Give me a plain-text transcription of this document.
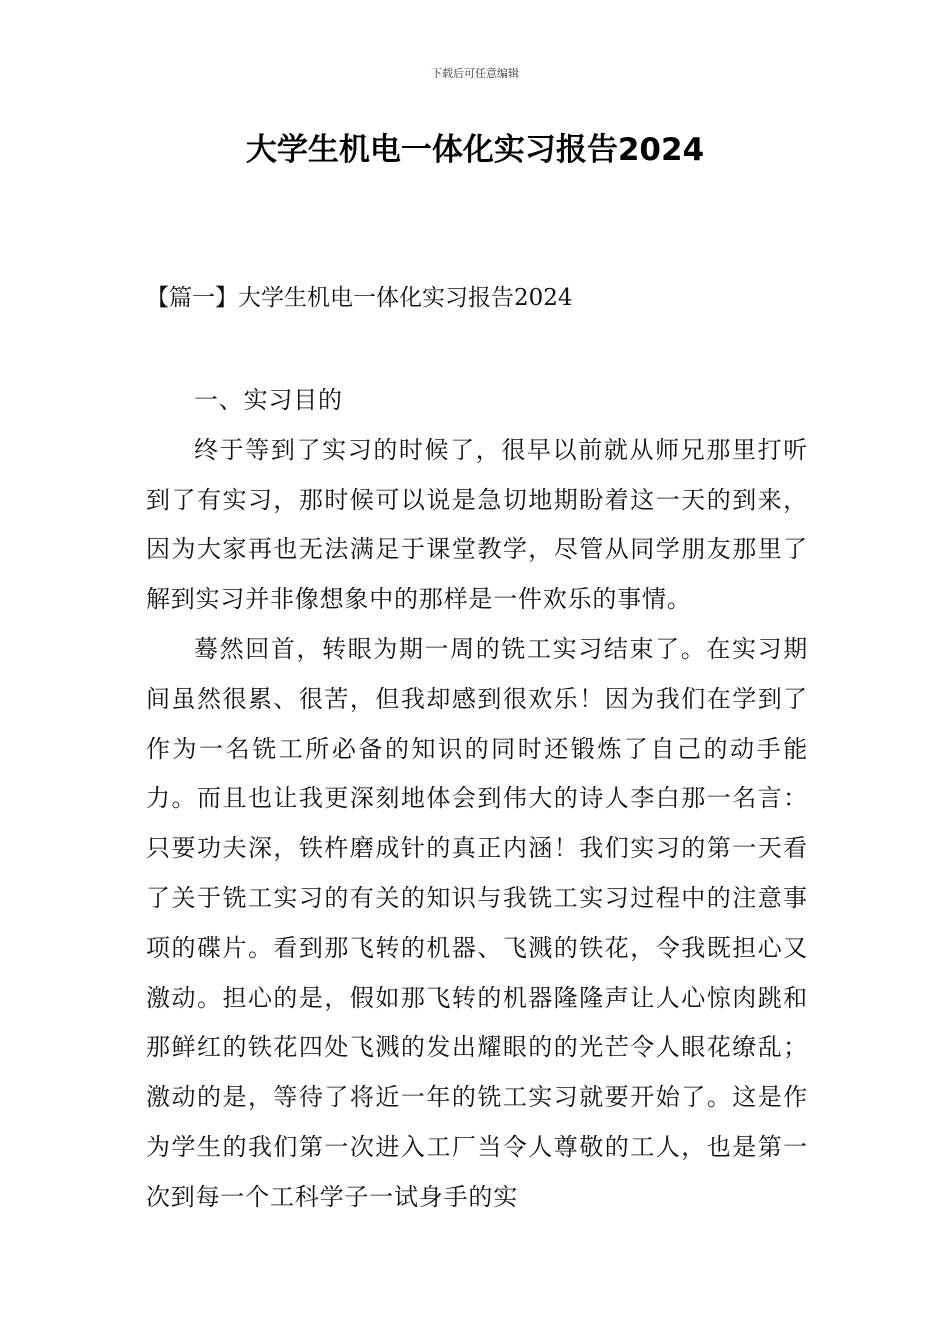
下载后可任意编辑
大学生机电一体化实习报告2024
【篇一】大学生机电一体化实习报告2024

一、实习目的

终于等到了实习的时候了，很早以前就从师兄那里打听到了有实习，那时候可以说是急切地期盼着这一天的到来，因为大家再也无法满足于课堂教学，尽管从同学朋友那里了解到实习并非像想象中的那样是一件欢乐的事情。

蓦然回首，转眼为期一周的铣工实习结束了。在实习期间虽然很累、很苦，但我却感到很欢乐！因为我们在学到了作为一名铣工所必备的知识的同时还锻炼了自己的动手能力。而且也让我更深刻地体会到伟大的诗人李白那一名言：只要功夫深，铁杵磨成针的真正内涵！我们实习的第一天看了关于铣工实习的有关的知识与我铣工实习过程中的注意事项的碟片。看到那飞转的机器、飞溅的铁花，令我既担心又激动。担心的是，假如那飞转的机器隆隆声让人心惊肉跳和那鲜红的铁花四处飞溅的发出耀眼的的光芒令人眼花缭乱；激动的是，等待了将近一年的铣工实习就要开始了。这是作为学生的我们第一次进入工厂当令人尊敬的工人，也是第一次到每一个工科学子一试身手的实
